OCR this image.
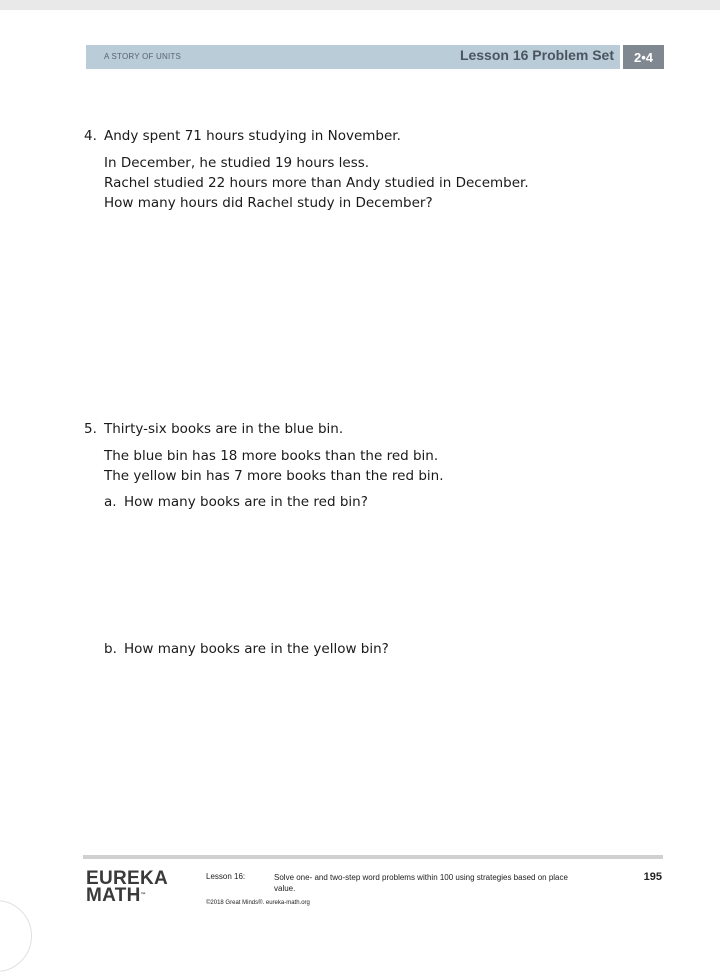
A STORY OF UNITS	Lesson 16 Problem Set	2•4
4. Andy spent 71 hours studying in November.
In December, he studied 19 hours less.
Rachel studied 22 hours more than Andy studied in December.
How many hours did Rachel study in December?
5. Thirty-six books are in the blue bin.
The blue bin has 18 more books than the red bin.
The yellow bin has 7 more books than the red bin.
a. How many books are in the red bin?
b. How many books are in the yellow bin?
EUREKA
MATH™
Lesson 16:	Solve one- and two-step word problems within 100 using strategies based on place value.
©2018 Great Minds®. eureka-math.org
195
